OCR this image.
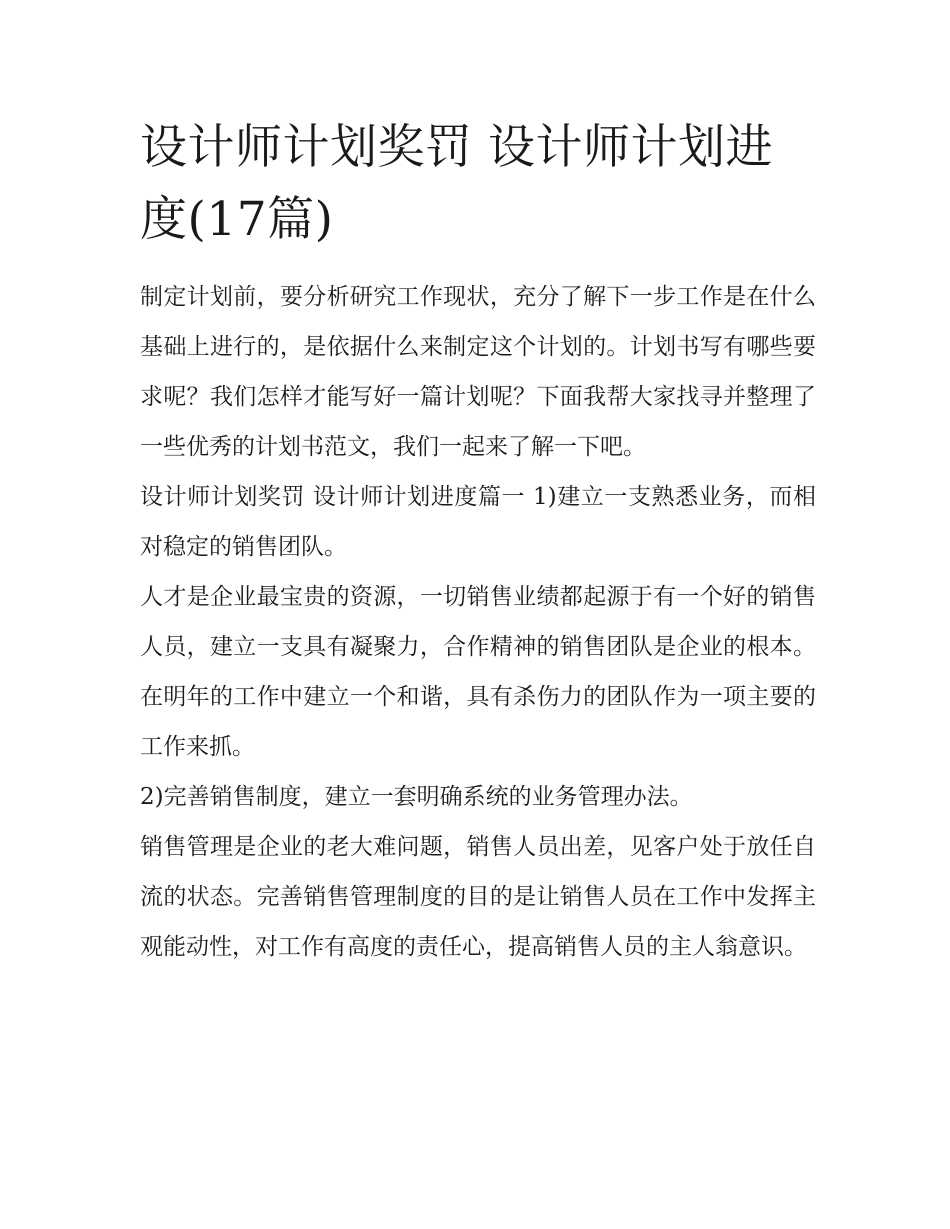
设计师计划奖罚 设计师计划进度(17篇)

制定计划前，要分析研究工作现状，充分了解下一步工作是在什么基础上进行的，是依据什么来制定这个计划的。计划书写有哪些要求呢？我们怎样才能写好一篇计划呢？下面我帮大家找寻并整理了一些优秀的计划书范文，我们一起来了解一下吧。

设计师计划奖罚 设计师计划进度篇一 1)建立一支熟悉业务，而相对稳定的销售团队。

人才是企业最宝贵的资源，一切销售业绩都起源于有一个好的销售人员，建立一支具有凝聚力，合作精神的销售团队是企业的根本。在明年的工作中建立一个和谐，具有杀伤力的团队作为一项主要的工作来抓。

2)完善销售制度，建立一套明确系统的业务管理办法。

销售管理是企业的老大难问题，销售人员出差，见客户处于放任自流的状态。完善销售管理制度的目的是让销售人员在工作中发挥主观能动性，对工作有高度的责任心，提高销售人员的主人翁意识。
